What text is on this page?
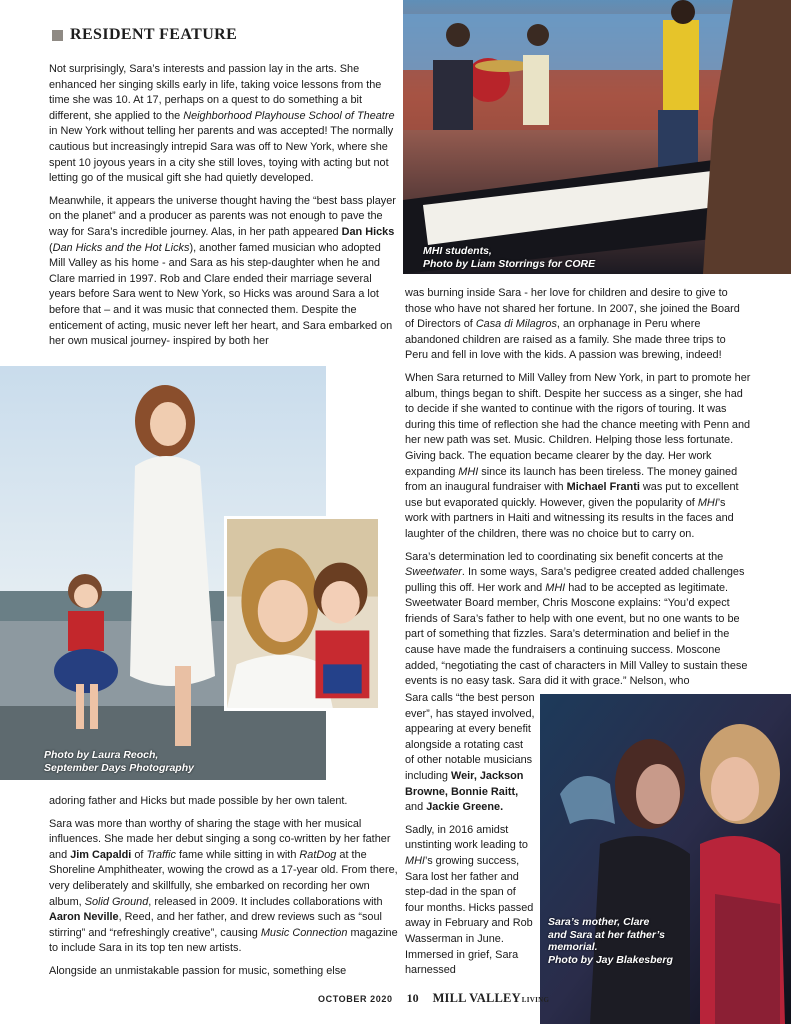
RESIDENT FEATURE
Not surprisingly, Sara’s interests and passion lay in the arts. She enhanced her singing skills early in life, taking voice lessons from the time she was 10. At 17, perhaps on a quest to do something a bit different, she applied to the Neighborhood Playhouse School of Theatre in New York without telling her parents and was accepted! The normally cautious but increasingly intrepid Sara was off to New York, where she spent 10 joyous years in a city she still loves, toying with acting but not letting go of the musical gift she had quietly developed.
Meanwhile, it appears the universe thought having the “best bass player on the planet” and a producer as parents was not enough to pave the way for Sara’s incredible journey. Alas, in her path appeared Dan Hicks (Dan Hicks and the Hot Licks), another famed musician who adopted Mill Valley as his home - and Sara as his step-daughter when he and Clare married in 1997. Rob and Clare ended their marriage several years before Sara went to New York, so Hicks was around Sara a lot before that – and it was music that connected them. Despite the enticement of acting, music never left her heart, and Sara embarked on her own musical journey- inspired by both her
MHI students,
Photo by Liam Storrings for CORE
was burning inside Sara - her love for children and desire to give to those who have not shared her fortune. In 2007, she joined the Board of Directors of Casa di Milagros, an orphanage in Peru where abandoned children are raised as a family. She made three trips to Peru and fell in love with the kids. A passion was brewing, indeed!
When Sara returned to Mill Valley from New York, in part to promote her album, things began to shift. Despite her success as a singer, she had to decide if she wanted to continue with the rigors of touring. It was during this time of reflection she had the chance meeting with Penn and her new path was set. Music. Children. Helping those less fortunate. Giving back. The equation became clearer by the day. Her work expanding MHI since its launch has been tireless. The money gained from an inaugural fundraiser with Michael Franti was put to excellent use but evaporated quickly. However, given the popularity of MHI’s work with partners in Haiti and witnessing its results in the faces and laughter of the children, there was no choice but to carry on.
Sara’s determination led to coordinating six benefit concerts at the Sweetwater. In some ways, Sara’s pedigree created added challenges pulling this off. Her work and MHI had to be accepted as legitimate. Sweetwater Board member, Chris Moscone explains: “You’d expect friends of Sara’s father to help with one event, but no one wants to be part of something that fizzles. Sara’s determination and belief in the cause have made the fundraisers a continuing success. Moscone added, “negotiating the cast of characters in Mill Valley to sustain these events is no easy task. Sara did it with grace.” Nelson, who
Photo by Laura Reoch,
September Days Photography
adoring father and Hicks but made possible by her own talent.
Sara was more than worthy of sharing the stage with her musical influences. She made her debut singing a song co-written by her father and Jim Capaldi of Traffic fame while sitting in with RatDog at the Shoreline Amphitheater, wowing the crowd as a 17-year old. From there, very deliberately and skillfully, she embarked on recording her own album, Solid Ground, released in 2009. It includes collaborations with Aaron Neville, Reed, and her father, and drew reviews such as “soul stirring” and “refreshingly creative”, causing Music Connection magazine to include Sara in its top ten new artists.
Alongside an unmistakable passion for music, something else
Sara calls “the best person ever”, has stayed involved, appearing at every benefit alongside a rotating cast of other notable musicians including Weir, Jackson Browne, Bonnie Raitt, and Jackie Greene.
Sadly, in 2016 amidst unstinting work leading to MHI’s growing success, Sara lost her father and step-dad in the span of four months. Hicks passed away in February and Rob Wasserman in June. Immersed in grief, Sara harnessed
Sara’s mother, Clare
and Sara at her father’s
memorial.
Photo by Jay Blakesberg
OCTOBER 2020 10 MILL VALLEY LIVING
